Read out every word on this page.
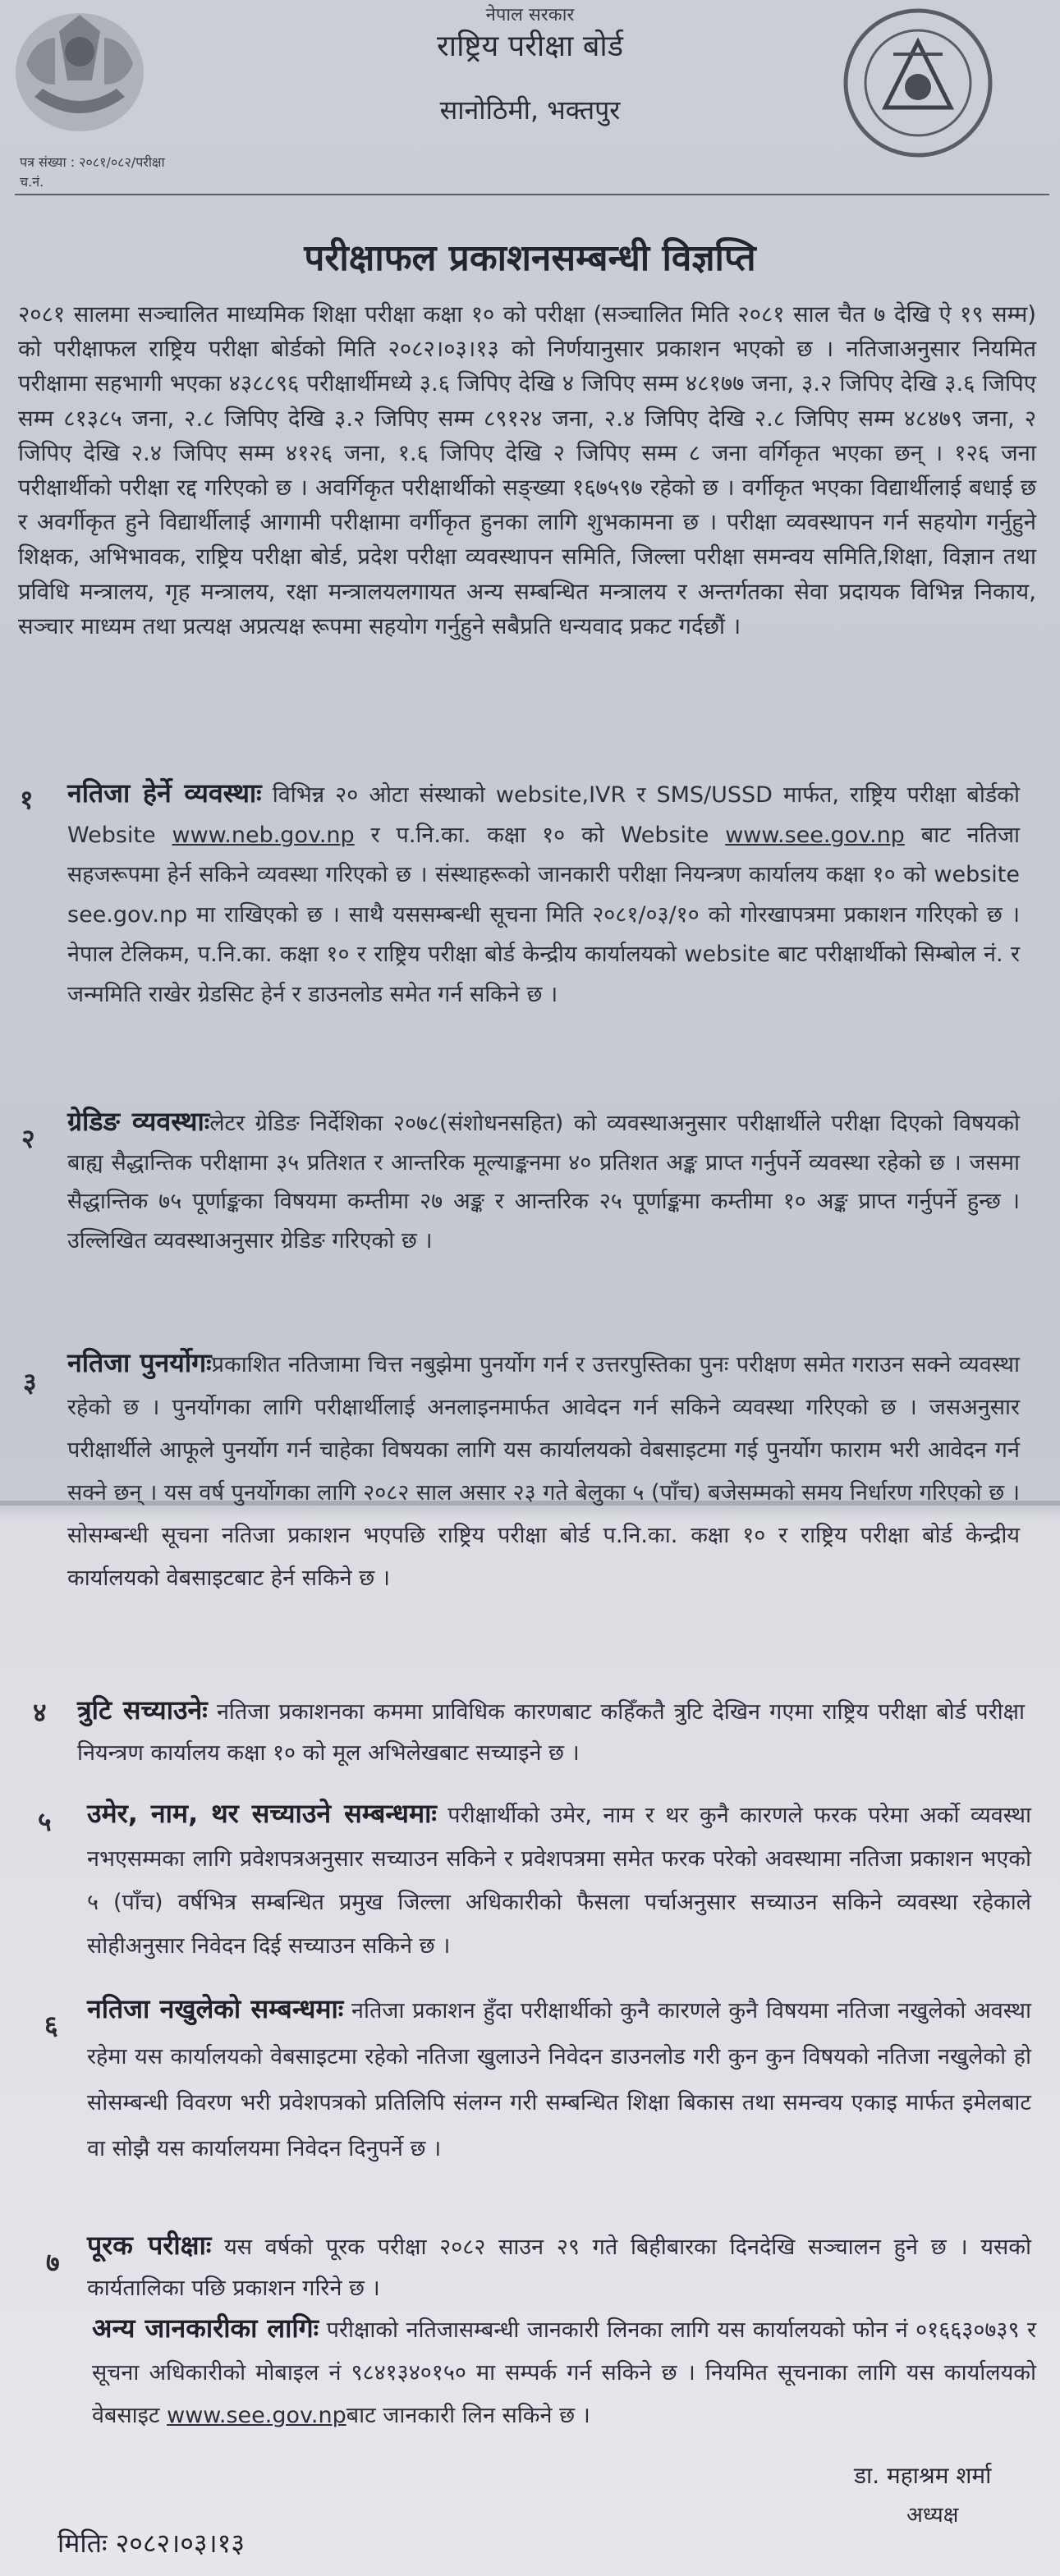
नेपाल सरकार
राष्ट्रिय परीक्षा बोर्ड
सानोठिमी, भक्तपुर
पत्र संख्या : २०८१/०८२/परीक्षा
च.नं.
परीक्षाफल प्रकाशनसम्बन्धी विज्ञप्ति
२०८१ सालमा सञ्चालित माध्यमिक शिक्षा परीक्षा कक्षा १० को परीक्षा (सञ्चालित मिति २०८१ साल चैत ७ देखि ऐ १९ सम्म) को परीक्षाफल राष्ट्रिय परीक्षा बोर्डको मिति २०८२।०३।१३ को निर्णयानुसार प्रकाशन भएको छ । नतिजाअनुसार नियमित परीक्षामा सहभागी भएका ४३८८९६ परीक्षार्थीमध्ये ३.६ जिपिए देखि ४ जिपिए सम्म ४८१७७ जना, ३.२ जिपिए देखि ३.६ जिपिए सम्म ८१३८५ जना, २.८ जिपिए देखि ३.२ जिपिए सम्म ८९१२४ जना, २.४ जिपिए देखि २.८ जिपिए सम्म ४८४७९ जना, २ जिपिए देखि २.४ जिपिए सम्म ४१२६ जना, १.६ जिपिए देखि २ जिपिए सम्म ८ जना वर्गिकृत भएका छन् । १२६ जना परीक्षार्थीको परीक्षा रद्द गरिएको छ । अवर्गिकृत परीक्षार्थीको सङ्ख्या १६७५९७ रहेको छ । वर्गीकृत भएका विद्यार्थीलाई बधाई छ र अवर्गीकृत हुने विद्यार्थीलाई आगामी परीक्षामा वर्गीकृत हुनका लागि शुभकामना छ । परीक्षा व्यवस्थापन गर्न सहयोग गर्नुहुने शिक्षक, अभिभावक, राष्ट्रिय परीक्षा बोर्ड, प्रदेश परीक्षा व्यवस्थापन समिति, जिल्ला परीक्षा समन्वय समिति,शिक्षा, विज्ञान तथा प्रविधि मन्त्रालय, गृह मन्त्रालय, रक्षा मन्त्रालयलगायत अन्य सम्बन्धित मन्त्रालय र अन्तर्गतका सेवा प्रदायक विभिन्न निकाय, सञ्चार माध्यम तथा प्रत्यक्ष अप्रत्यक्ष रूपमा सहयोग गर्नुहुने सबैप्रति धन्यवाद प्रकट गर्दछौं ।
१ नतिजा हेर्ने व्यवस्थाः विभिन्न २० ओटा संस्थाको website,IVR र SMS/USSD मार्फत, राष्ट्रिय परीक्षा बोर्डको Website www.neb.gov.np र प.नि.का. कक्षा १० को Website www.see.gov.np बाट नतिजा सहजरूपमा हेर्न सकिने व्यवस्था गरिएको छ । संस्थाहरूको जानकारी परीक्षा नियन्त्रण कार्यालय कक्षा १० को website see.gov.np मा राखिएको छ । साथै यससम्बन्धी सूचना मिति २०८१/०३/१० को गोरखापत्रमा प्रकाशन गरिएको छ । नेपाल टेलिकम, प.नि.का. कक्षा १० र राष्ट्रिय परीक्षा बोर्ड केन्द्रीय कार्यालयको website बाट परीक्षार्थीको सिम्बोल नं. र जन्ममिति राखेर ग्रेडसिट हेर्न र डाउनलोड समेत गर्न सकिने छ ।
२
ग्रेडिङ व्यवस्थाःलेटर ग्रेडिङ निर्देशिका २०७८(संशोधनसहित) को व्यवस्थाअनुसार परीक्षार्थीले परीक्षा दिएको विषयको बाह्य सैद्धान्तिक परीक्षामा ३५ प्रतिशत र आन्तरिक मूल्याङ्कनमा ४० प्रतिशत अङ्क प्राप्त गर्नुपर्ने व्यवस्था रहेको छ । जसमा सैद्धान्तिक ७५ पूर्णाङ्कका विषयमा कम्तीमा २७ अङ्क र आन्तरिक २५ पूर्णाङ्कमा कम्तीमा १० अङ्क प्राप्त गर्नुपर्ने हुन्छ । उल्लिखित व्यवस्थाअनुसार ग्रेडिङ गरिएको छ ।
३
नतिजा पुनर्योगःप्रकाशित नतिजामा चित्त नबुझेमा पुनर्योग गर्न र उत्तरपुस्तिका पुनः परीक्षण समेत गराउन सक्ने व्यवस्था रहेको छ । पुनर्योगका लागि परीक्षार्थीलाई अनलाइनमार्फत आवेदन गर्न सकिने व्यवस्था गरिएको छ । जसअनुसार परीक्षार्थीले आफूले पुनर्योग गर्न चाहेका विषयका लागि यस कार्यालयको वेबसाइटमा गई पुनर्योग फाराम भरी आवेदन गर्न सक्ने छन् । यस वर्ष पुनर्योगका लागि २०८२ साल असार २३ गते बेलुका ५ (पाँच) बजेसम्मको समय निर्धारण गरिएको छ । सोसम्बन्धी सूचना नतिजा प्रकाशन भएपछि राष्ट्रिय परीक्षा बोर्ड प.नि.का. कक्षा १० र राष्ट्रिय परीक्षा बोर्ड केन्द्रीय कार्यालयको वेबसाइटबाट हेर्न सकिने छ ।
४ त्रुटि सच्याउनेः नतिजा प्रकाशनका कममा प्राविधिक कारणबाट कहिँकतै त्रुटि देखिन गएमा राष्ट्रिय परीक्षा बोर्ड परीक्षा नियन्त्रण कार्यालय कक्षा १० को मूल अभिलेखबाट सच्याइने छ ।
५ उमेर, नाम, थर सच्याउने सम्बन्धमाः परीक्षार्थीको उमेर, नाम र थर कुनै कारणले फरक परेमा अर्को व्यवस्था नभएसम्मका लागि प्रवेशपत्रअनुसार सच्याउन सकिने र प्रवेशपत्रमा समेत फरक परेको अवस्थामा नतिजा प्रकाशन भएको ५ (पाँच) वर्षभित्र सम्बन्धित प्रमुख जिल्ला अधिकारीको फैसला पर्चाअनुसार सच्याउन सकिने व्यवस्था रहेकाले सोहीअनुसार निवेदन दिई सच्याउन सकिने छ ।
६
नतिजा नखुलेको सम्बन्धमाः नतिजा प्रकाशन हुँदा परीक्षार्थीको कुनै कारणले कुनै विषयमा नतिजा नखुलेको अवस्था रहेमा यस कार्यालयको वेबसाइटमा रहेको नतिजा खुलाउने निवेदन डाउनलोड गरी कुन कुन विषयको नतिजा नखुलेको हो सोसम्बन्धी विवरण भरी प्रवेशपत्रको प्रतिलिपि संलग्न गरी सम्बन्धित शिक्षा बिकास तथा समन्वय एकाइ मार्फत इमेलबाट वा सोझै यस कार्यालयमा निवेदन दिनुपर्ने छ ।
७
पूरक परीक्षाः यस वर्षको पूरक परीक्षा २०८२ साउन २९ गते बिहीबारका दिनदेखि सञ्चालन हुने छ । यसको कार्यतालिका पछि प्रकाशन गरिने छ ।
अन्य जानकारीका लागिः परीक्षाको नतिजासम्बन्धी जानकारी लिनका लागि यस कार्यालयको फोन नं ०१६६३०७३९ र सूचना अधिकारीको मोबाइल नं ९८४१३४०१५० मा सम्पर्क गर्न सकिने छ । नियमित सूचनाका लागि यस कार्यालयको वेबसाइट www.see.gov.npबाट जानकारी लिन सकिने छ ।
डा. महाश्रम शर्मा
अध्यक्ष
मितिः २०८२।०३।१३
